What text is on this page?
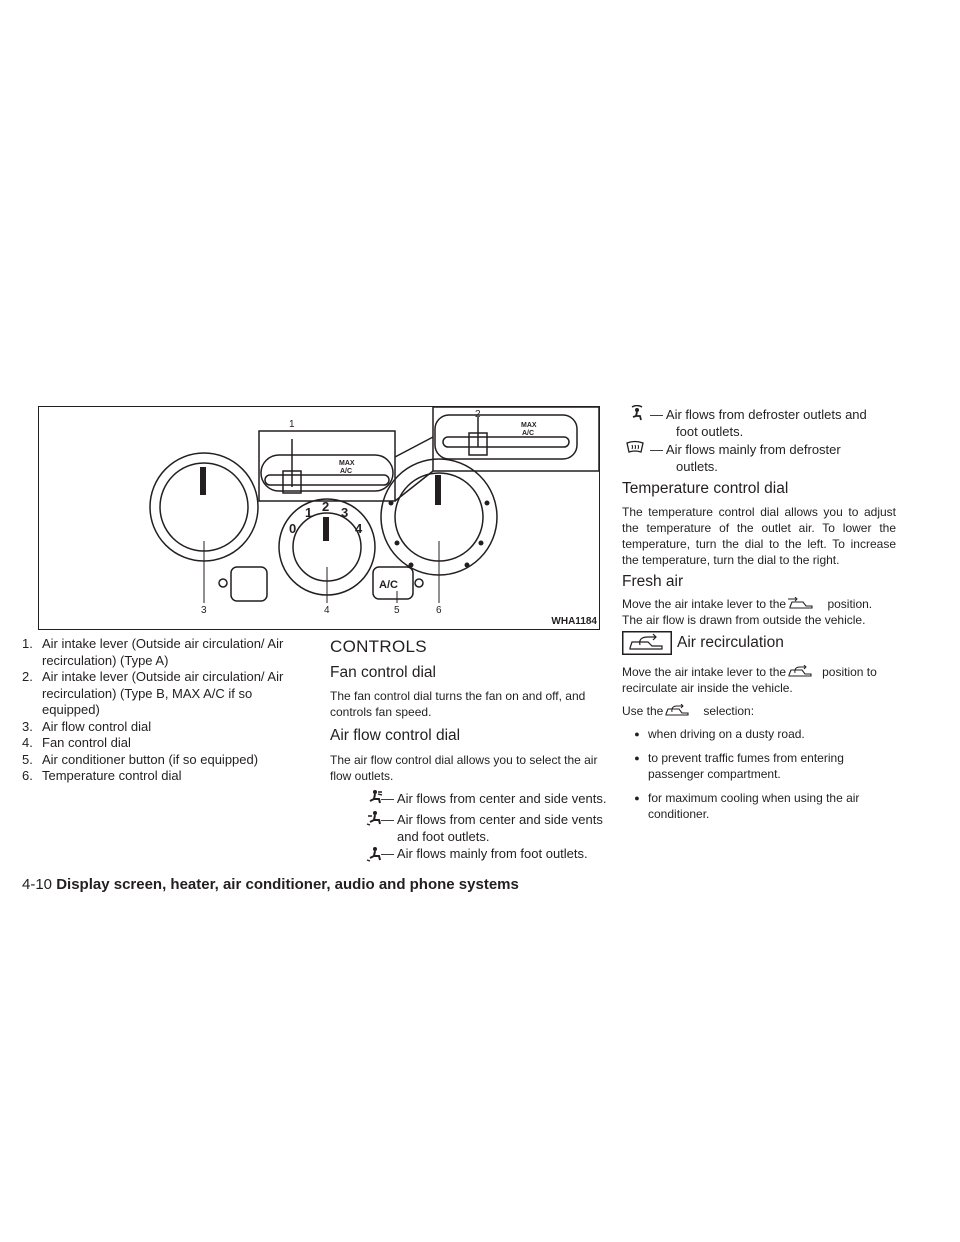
1
2
3	4	5	6
0
1 2 3
4
MAX
A/C
MAX
A/C
A/C
WHA1184
1. Air intake lever (Outside air circulation/ Air recirculation) (Type A)
2. Air intake lever (Outside air circulation/ Air recirculation) (Type B, MAX A/C if so equipped)
3. Air flow control dial
4. Fan control dial
5. Air conditioner button (if so equipped)
6. Temperature control dial
CONTROLS
Fan control dial

The fan control dial turns the fan on and off, and controls fan speed.

Air flow control dial

The air flow control dial allows you to select the air flow outlets.

— Air flows from center and side vents.
— Air flows from center and side vents
and foot outlets.
— Air flows mainly from foot outlets.
— Air flows from defroster outlets and
foot outlets.
— Air flows mainly from defroster
outlets.
Temperature control dial

The temperature control dial allows you to adjust the temperature of the outlet air. To lower the temperature, turn the dial to the left. To increase the temperature, turn the dial to the right.

Fresh air

Move the air intake lever to the	position.
The air flow is drawn from outside the vehicle.

Air recirculation

Move the air intake lever to the	position to
recirculate air inside the vehicle.

Use the	selection:

● when driving on a dusty road.
● to prevent traffic fumes from entering passenger compartment.
● for maximum cooling when using the air conditioner.
4-10 Display screen, heater, air conditioner, audio and phone systems
